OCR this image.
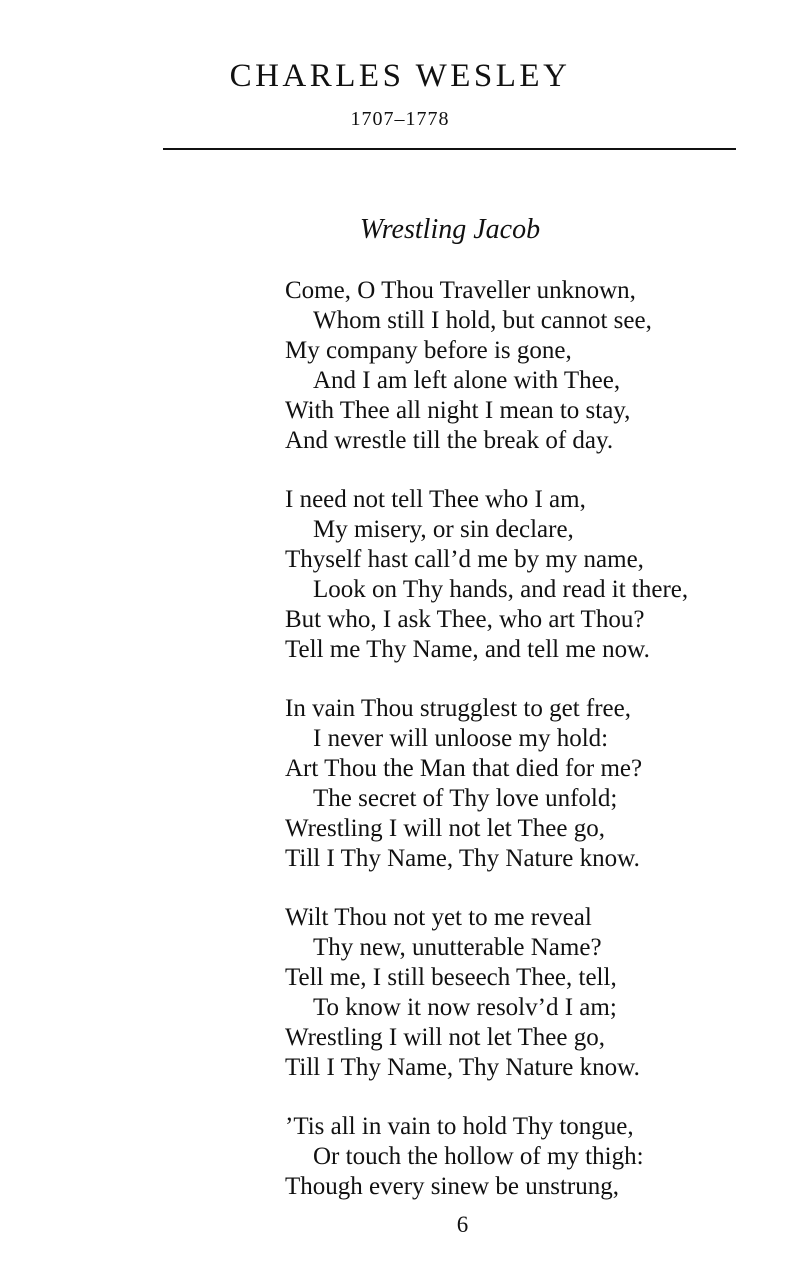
CHARLES WESLEY
1707–1778
Wrestling Jacob
Come, O Thou Traveller unknown,
Whom still I hold, but cannot see,
My company before is gone,
And I am left alone with Thee,
With Thee all night I mean to stay,
And wrestle till the break of day.
I need not tell Thee who I am,
My misery, or sin declare,
Thyself hast call’d me by my name,
Look on Thy hands, and read it there,
But who, I ask Thee, who art Thou?
Tell me Thy Name, and tell me now.
In vain Thou strugglest to get free,
I never will unloose my hold:
Art Thou the Man that died for me?
The secret of Thy love unfold;
Wrestling I will not let Thee go,
Till I Thy Name, Thy Nature know.
Wilt Thou not yet to me reveal
Thy new, unutterable Name?
Tell me, I still beseech Thee, tell,
To know it now resolv’d I am;
Wrestling I will not let Thee go,
Till I Thy Name, Thy Nature know.
’Tis all in vain to hold Thy tongue,
Or touch the hollow of my thigh:
Though every sinew be unstrung,
6
